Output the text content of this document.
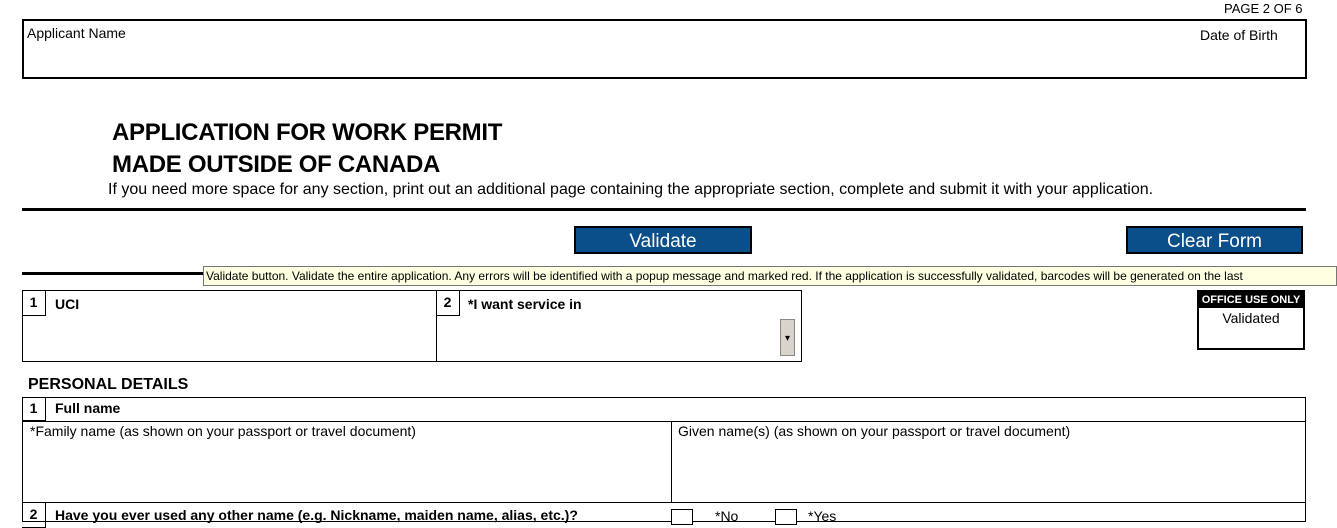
PAGE 2 OF 6
Applicant Name	Date of Birth
APPLICATION FOR WORK PERMIT
MADE OUTSIDE OF CANADA
If you need more space for any section, print out an additional page containing the appropriate section, complete and submit it with your application.
Validate	Clear Form
Validate button. Validate the entire application. Any errors will be identified with a popup message and marked red. If the application is successfully validated, barcodes will be generated on the last
1	UCI	2	*I want service in
▾
OFFICE USE ONLY
Validated
PERSONAL DETAILS
1	Full name
*Family name (as shown on your passport or travel document)	Given name(s) (as shown on your passport or travel document)
2	Have you ever used any other name (e.g. Nickname, maiden name, alias, etc.)?	*No	*Yes
